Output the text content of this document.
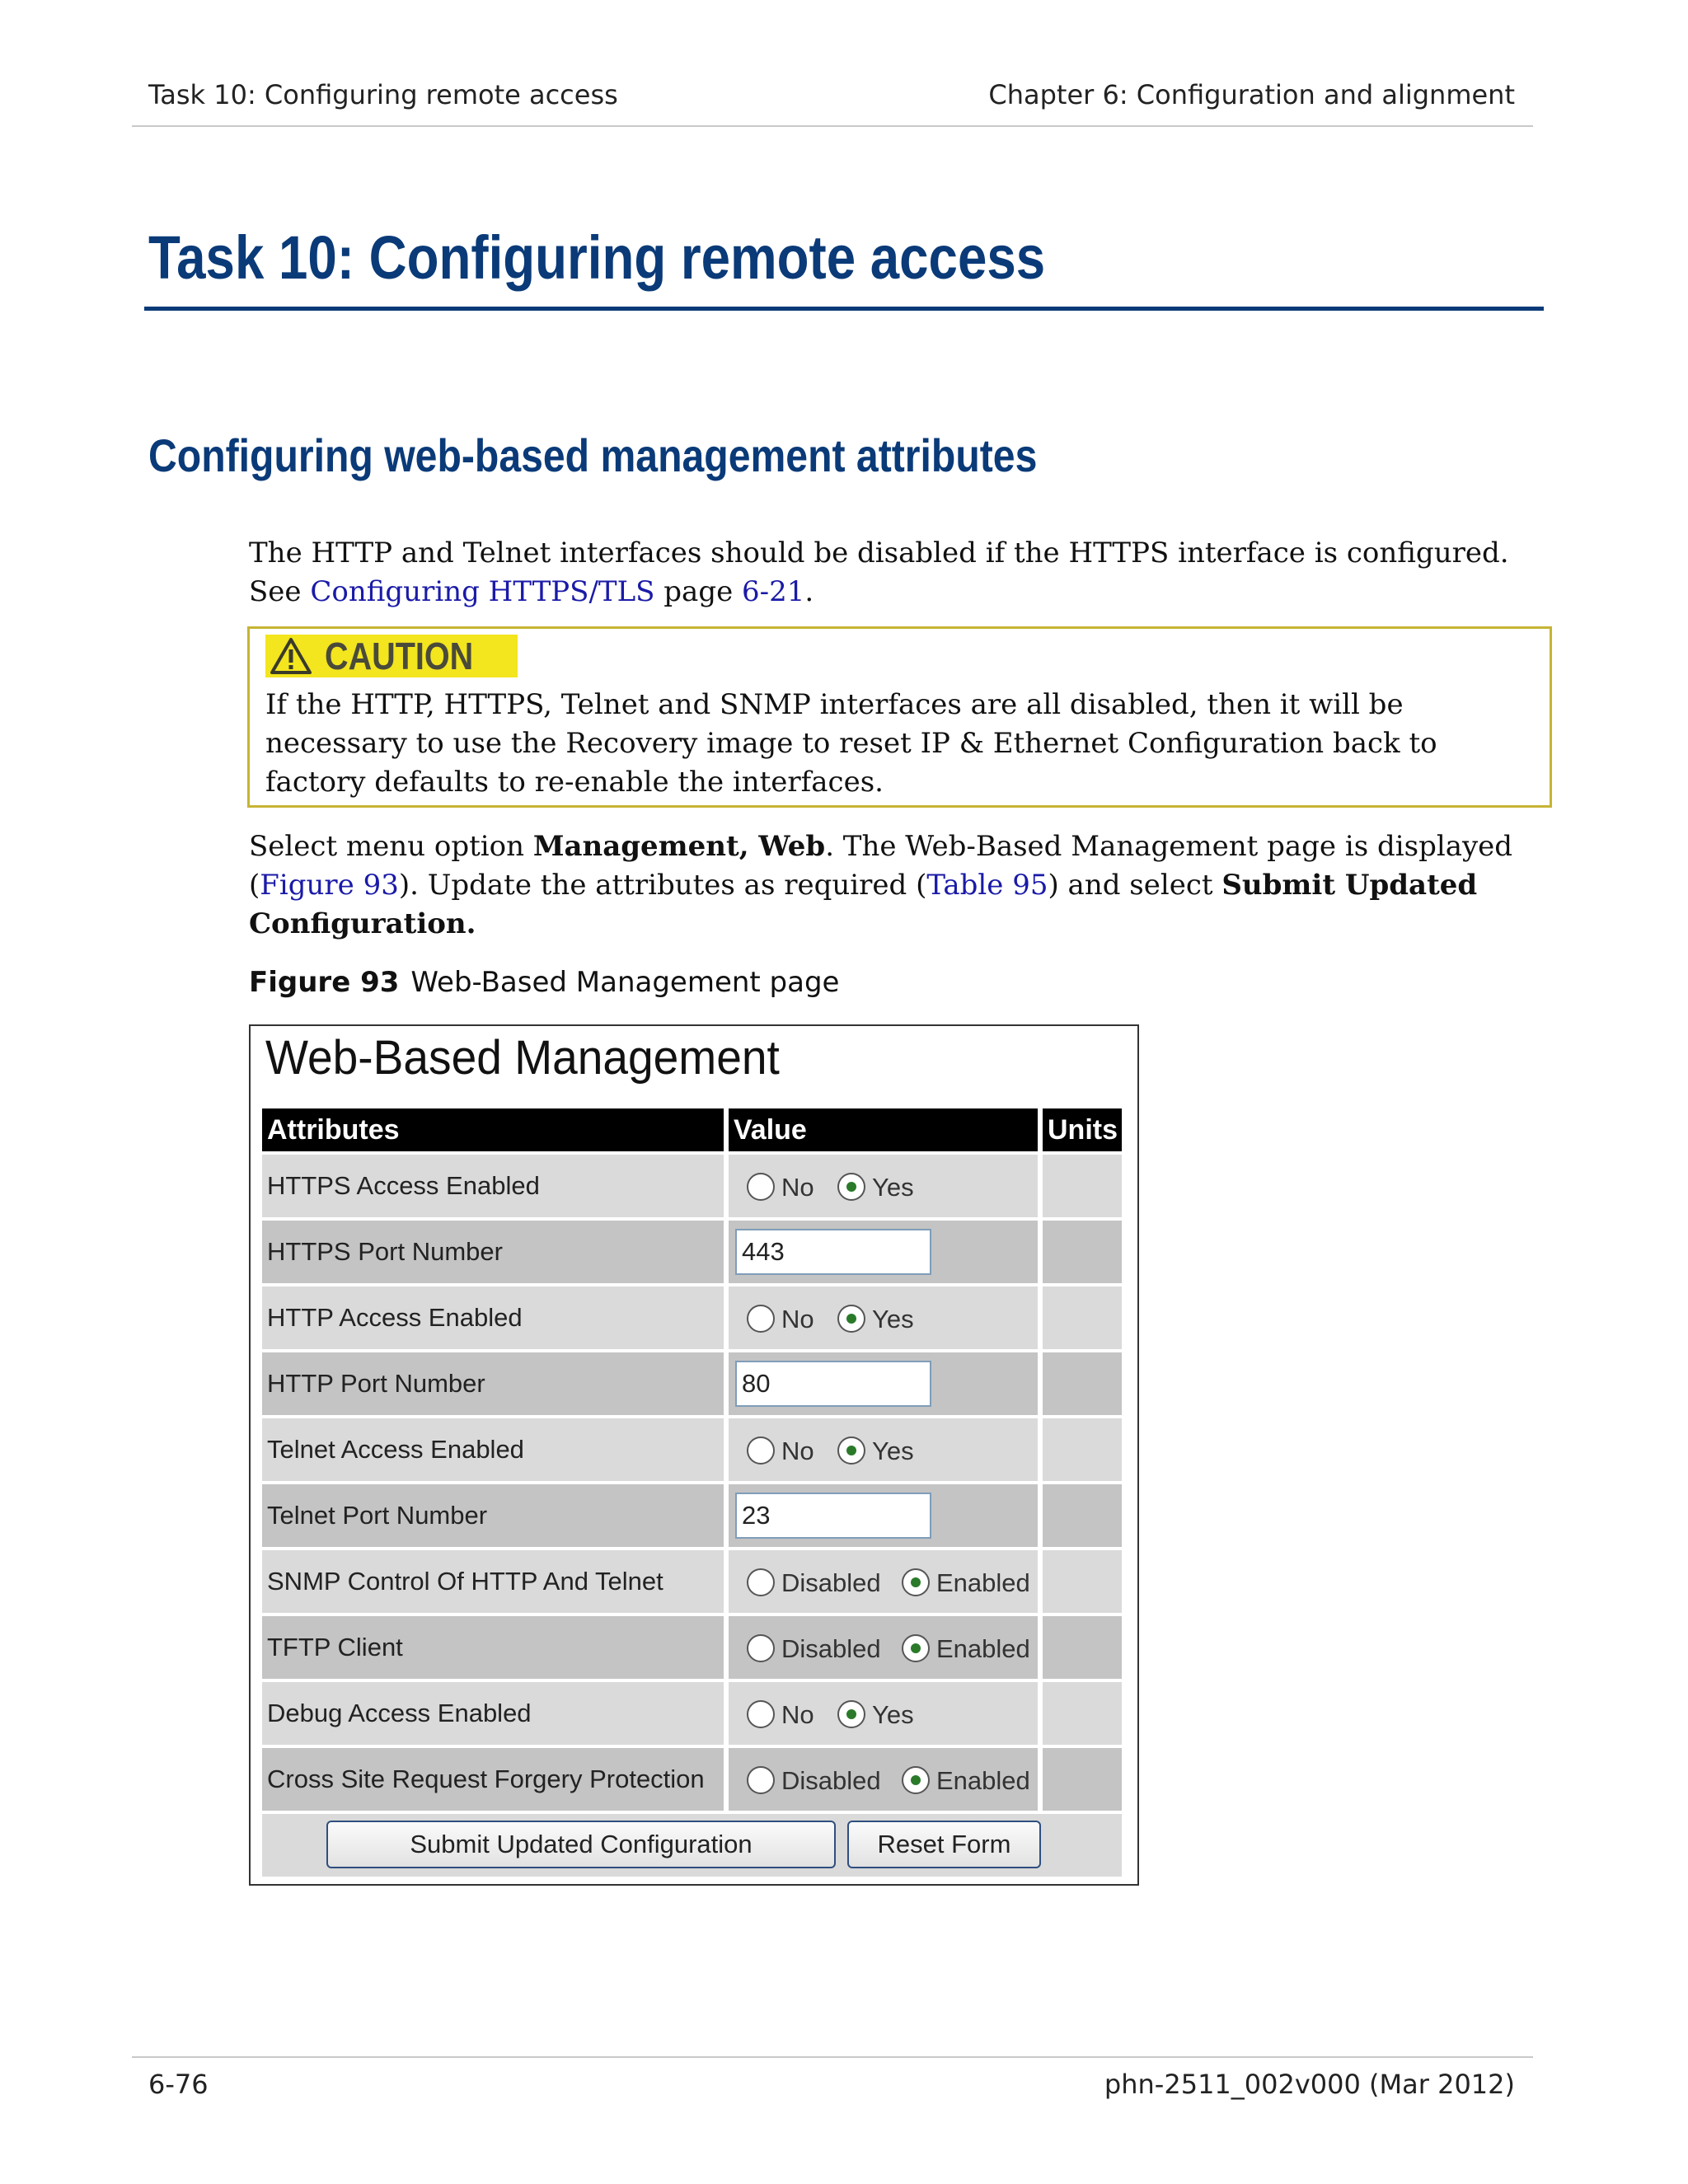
Task 10: Configuring remote access	Chapter 6: Configuration and alignment
Task 10: Configuring remote access
Configuring web-based management attributes
The HTTP and Telnet interfaces should be disabled if the HTTPS interface is configured.
See Configuring HTTPS/TLS page 6-21.
CAUTION
If the HTTP, HTTPS, Telnet and SNMP interfaces are all disabled, then it will be necessary to use the Recovery image to reset IP & Ethernet Configuration back to factory defaults to re-enable the interfaces.
Select menu option Management, Web. The Web-Based Management page is displayed (Figure 93). Update the attributes as required (Table 95) and select Submit Updated Configuration.
Figure 93 Web-Based Management page
Web-Based Management
Attributes	Value	Units
HTTPS Access Enabled	No Yes
HTTPS Port Number	443
HTTP Access Enabled	No Yes
HTTP Port Number	80
Telnet Access Enabled	No Yes
Telnet Port Number	23
SNMP Control Of HTTP And Telnet	Disabled Enabled
TFTP Client	Disabled Enabled
Debug Access Enabled	No Yes
Cross Site Request Forgery Protection	Disabled Enabled
Submit Updated Configuration	Reset Form
6-76	phn-2511_002v000 (Mar 2012)
